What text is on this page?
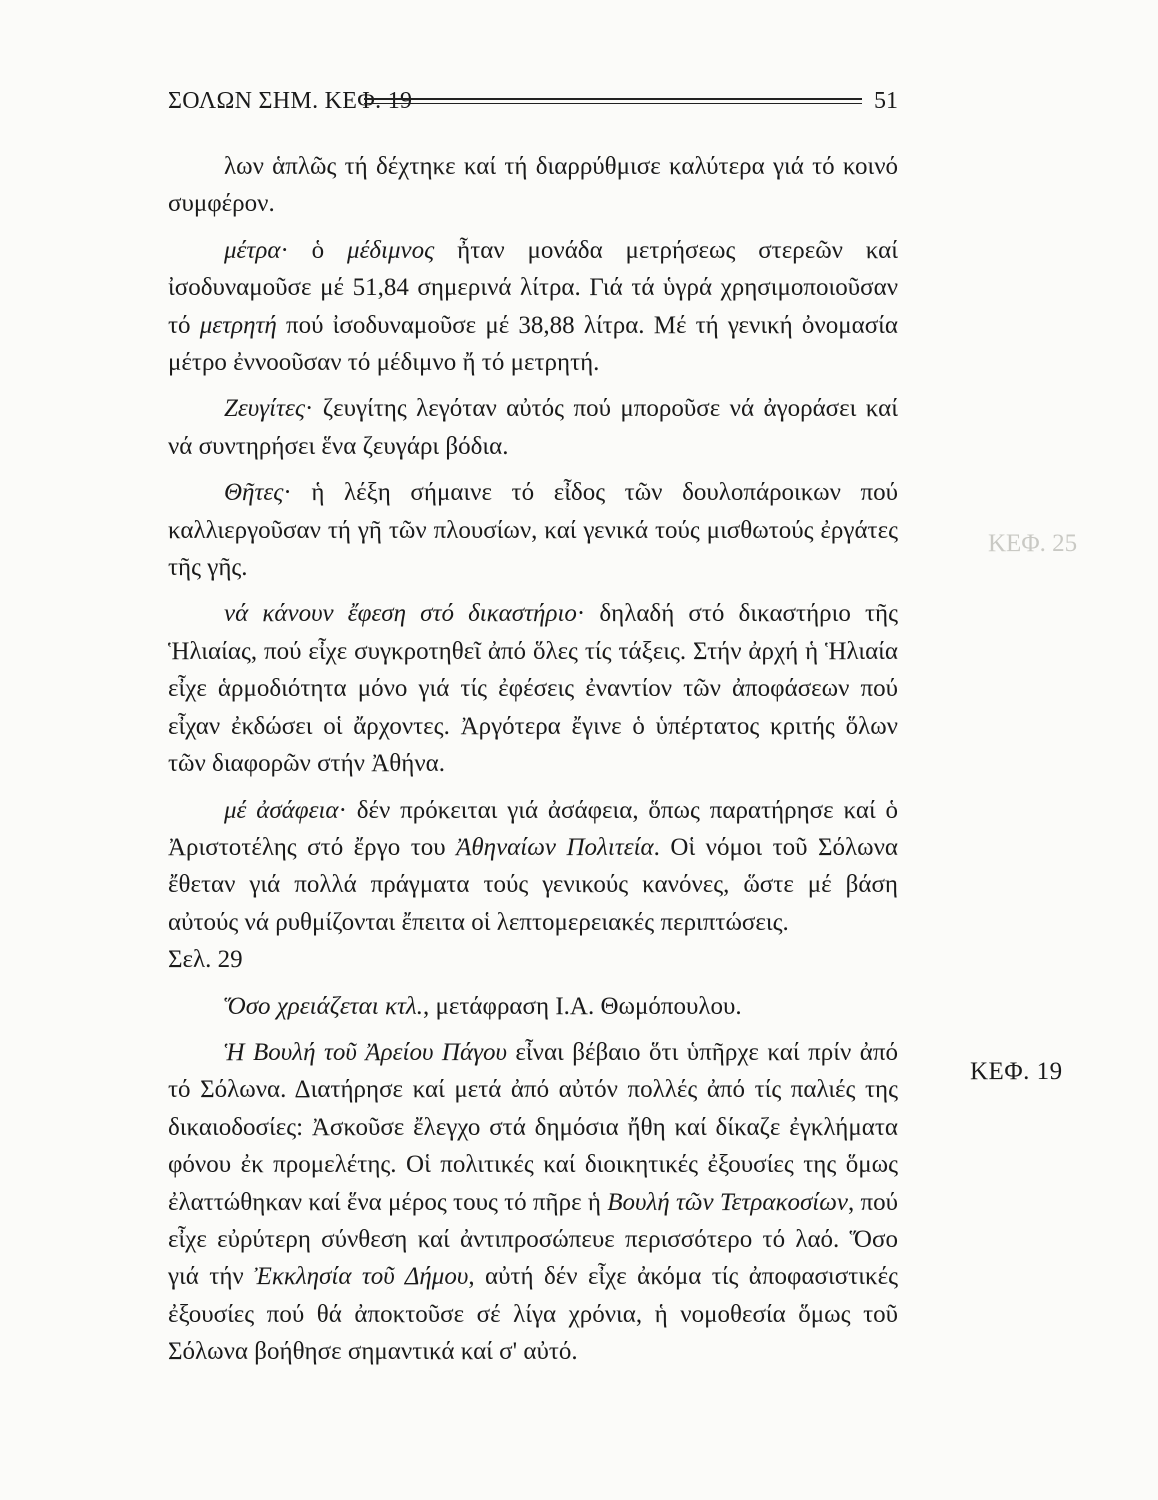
ΣΟΛΩΝ ΣΗΜ. ΚΕΦ. 19	51

λων ἁπλῶς τή δέχτηκε καί τή διαρρύθμισε καλύτερα γιά τό κοινό συμφέρον.

μέτρα· ὁ μέδιμνος ἦταν μονάδα μετρήσεως στερεῶν καί ἰσοδυναμοῦσε μέ 51,84 σημερινά λίτρα. Γιά τά ὑγρά χρησιμοποιοῦσαν τό μετρητή πού ἰσοδυναμοῦσε μέ 38,88 λίτρα. Μέ τή γενική ὀνομασία μέτρο ἐννοοῦσαν τό μέδιμνο ἤ τό μετρητή.

Ζευγίτες· ζευγίτης λεγόταν αὐτός πού μποροῦσε νά ἀγοράσει καί νά συντηρήσει ἕνα ζευγάρι βόδια.

Θῆτες· ἡ λέξη σήμαινε τό εἶδος τῶν δουλοπάροικων πού καλλιεργοῦσαν τή γῆ τῶν πλουσίων, καί γενικά τούς μισθωτούς ἐργάτες τῆς γῆς.

νά κάνουν ἔφεση στό δικαστήριο· δηλαδή στό δικαστήριο τῆς Ἡλιαίας, πού εἶχε συγκροτηθεῖ ἀπό ὅλες τίς τάξεις. Στήν ἀρχή ἡ Ἡλιαία εἶχε ἁρμοδιότητα μόνο γιά τίς ἐφέσεις ἐναντίον τῶν ἀποφάσεων πού εἶχαν ἐκδώσει οἱ ἄρχοντες. Ἀργότερα ἔγινε ὁ ὑπέρτατος κριτής ὅλων τῶν διαφορῶν στήν Ἀθήνα.

μέ ἀσάφεια· δέν πρόκειται γιά ἀσάφεια, ὅπως παρατήρησε καί ὁ Ἀριστοτέλης στό ἔργο του Ἀθηναίων Πολιτεία. Οἱ νόμοι τοῦ Σόλωνα ἔθεταν γιά πολλά πράγματα τούς γενικούς κανόνες, ὥστε μέ βάση αὐτούς νά ρυθμίζονται ἔπειτα οἱ λεπτομερειακές περιπτώσεις.

Σελ. 29

Ὅσο χρειάζεται κτλ., μετάφραση Ι.Α. Θωμόπουλου.

Ἡ Βουλή τοῦ Ἀρείου Πάγου εἶναι βέβαιο ὅτι ὑπῆρχε καί πρίν ἀπό τό Σόλωνα. Διατήρησε καί μετά ἀπό αὐτόν πολλές ἀπό τίς παλιές της δικαιοδοσίες: Ἀσκοῦσε ἔλεγχο στά δημόσια ἤθη καί δίκαζε ἐγκλήματα φόνου ἐκ προμελέτης. Οἱ πολιτικές καί διοικητικές ἐξουσίες της ὅμως ἐλαττώθηκαν καί ἕνα μέρος τους τό πῆρε ἡ Βουλή τῶν Τετρακοσίων, πού εἶχε εὐρύτερη σύνθεση καί ἀντιπροσώπευε περισσότερο τό λαό. Ὅσο γιά τήν Ἐκκλησία τοῦ Δήμου, αὐτή δέν εἶχε ἀκόμα τίς ἀποφασιστικές ἐξουσίες πού θά ἀποκτοῦσε σέ λίγα χρόνια, ἡ νομοθεσία ὅμως τοῦ Σόλωνα βοήθησε σημαντικά καί σ' αὐτό.

ΚΕΦ. 19
ΚΕΦ. 25
